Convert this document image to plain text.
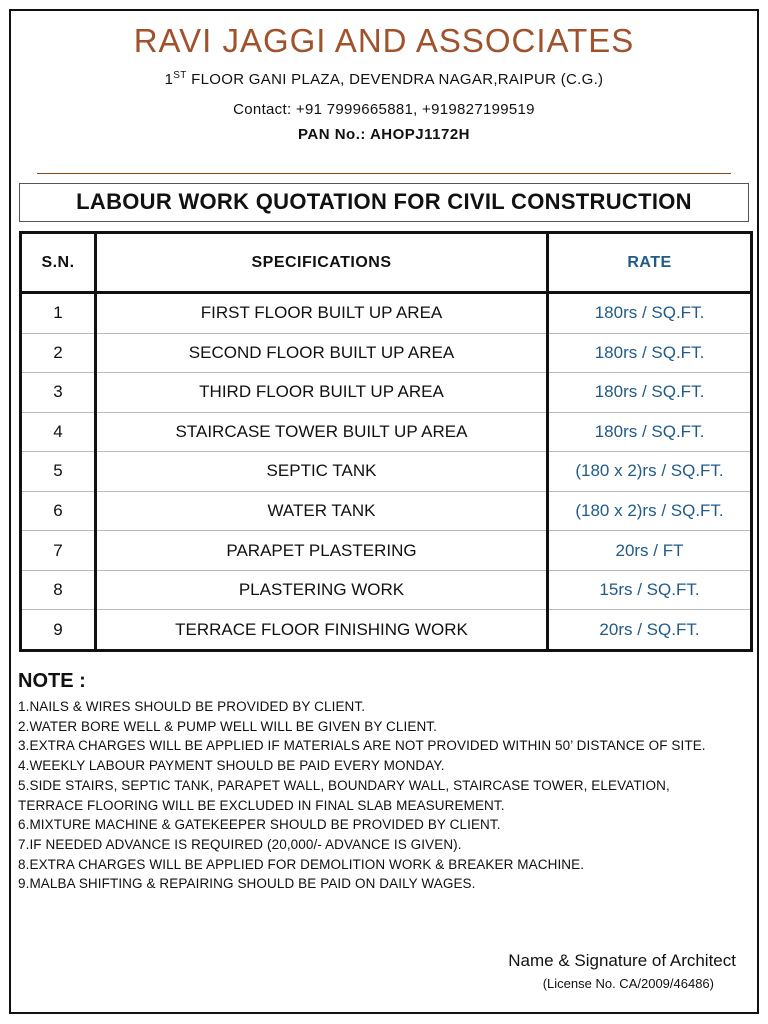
RAVI JAGGI AND ASSOCIATES
1ST FLOOR GANI PLAZA, DEVENDRA NAGAR,RAIPUR (C.G.)
Contact: +91 7999665881, +919827199519
PAN No.: AHOPJ1172H
LABOUR WORK QUOTATION FOR CIVIL CONSTRUCTION
S.N.	SPECIFICATIONS	RATE
1	FIRST FLOOR BUILT UP AREA	180rs / SQ.FT.
2	SECOND FLOOR BUILT UP AREA	180rs / SQ.FT.
3	THIRD FLOOR BUILT UP AREA	180rs / SQ.FT.
4	STAIRCASE TOWER BUILT UP AREA	180rs / SQ.FT.
5	SEPTIC TANK	(180 x 2)rs / SQ.FT.
6	WATER TANK	(180 x 2)rs / SQ.FT.
7	PARAPET PLASTERING	20rs / FT
8	PLASTERING WORK	15rs / SQ.FT.
9	TERRACE FLOOR FINISHING WORK	20rs / SQ.FT.
NOTE :
1.NAILS & WIRES SHOULD BE PROVIDED BY CLIENT.
2.WATER BORE WELL & PUMP WELL WILL BE GIVEN BY CLIENT.
3.EXTRA CHARGES WILL BE APPLIED IF MATERIALS ARE NOT PROVIDED WITHIN 50’ DISTANCE OF SITE.
4.WEEKLY LABOUR PAYMENT SHOULD BE PAID EVERY MONDAY.
5.SIDE STAIRS, SEPTIC TANK, PARAPET WALL, BOUNDARY WALL, STAIRCASE TOWER, ELEVATION, TERRACE FLOORING WILL BE EXCLUDED IN FINAL SLAB MEASUREMENT.
6.MIXTURE MACHINE & GATEKEEPER SHOULD BE PROVIDED BY CLIENT.
7.IF NEEDED ADVANCE IS REQUIRED (20,000/- ADVANCE IS GIVEN).
8.EXTRA CHARGES WILL BE APPLIED FOR DEMOLITION WORK & BREAKER MACHINE.
9.MALBA SHIFTING & REPAIRING SHOULD BE PAID ON DAILY WAGES.
Name & Signature of Architect
(License No. CA/2009/46486)
